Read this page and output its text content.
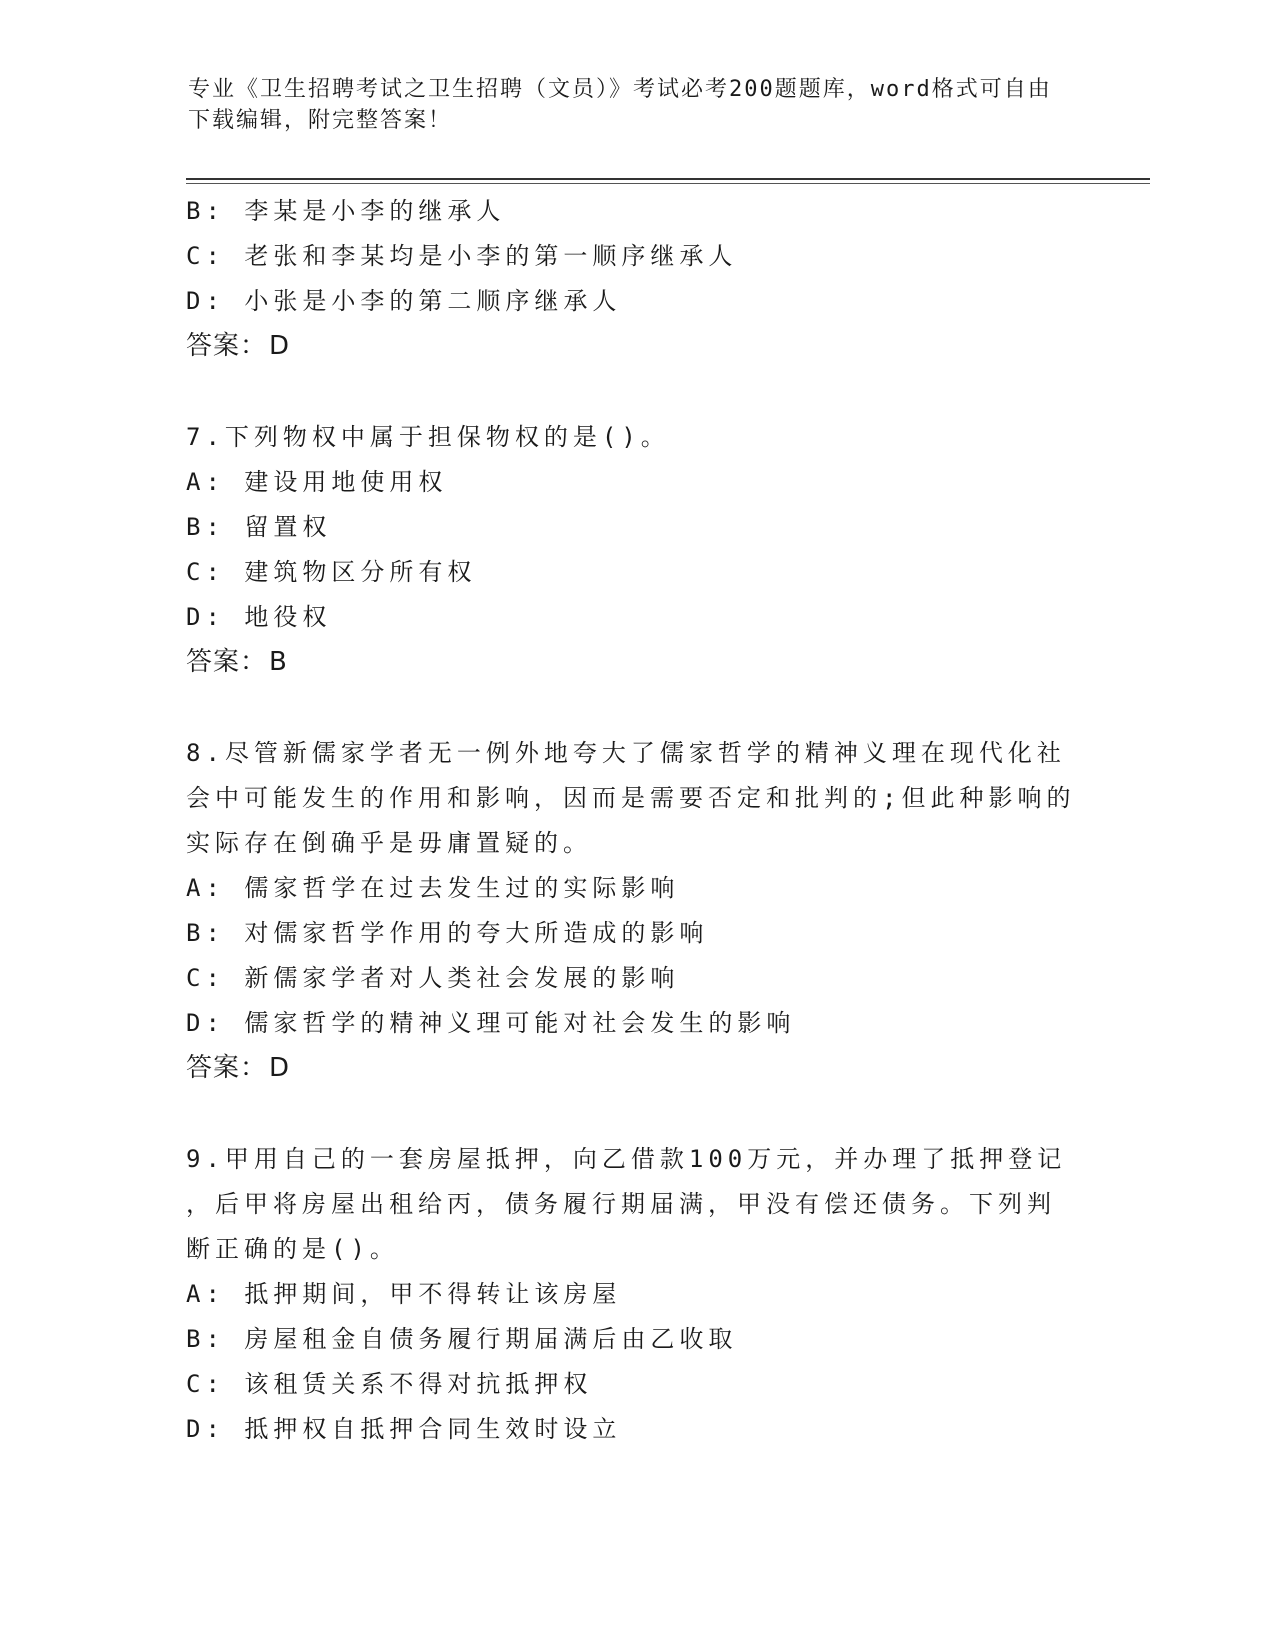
专业《卫生招聘考试之卫生招聘（文员）》考试必考200题题库，word格式可自由下载编辑，附完整答案！
B: 李某是小李的继承人
C: 老张和李某均是小李的第一顺序继承人
D: 小张是小李的第二顺序继承人
答案：D
7.下列物权中属于担保物权的是()。
A: 建设用地使用权
B: 留置权
C: 建筑物区分所有权
D: 地役权
答案：B
8.尽管新儒家学者无一例外地夸大了儒家哲学的精神义理在现代化社
会中可能发生的作用和影响，因而是需要否定和批判的;但此种影响的
实际存在倒确乎是毋庸置疑的。
A: 儒家哲学在过去发生过的实际影响
B: 对儒家哲学作用的夸大所造成的影响
C: 新儒家学者对人类社会发展的影响
D: 儒家哲学的精神义理可能对社会发生的影响
答案：D
9.甲用自己的一套房屋抵押，向乙借款100万元，并办理了抵押登记
，后甲将房屋出租给丙，债务履行期届满，甲没有偿还债务。下列判
断正确的是()。
A: 抵押期间，甲不得转让该房屋
B: 房屋租金自债务履行期届满后由乙收取
C: 该租赁关系不得对抗抵押权
D: 抵押权自抵押合同生效时设立
